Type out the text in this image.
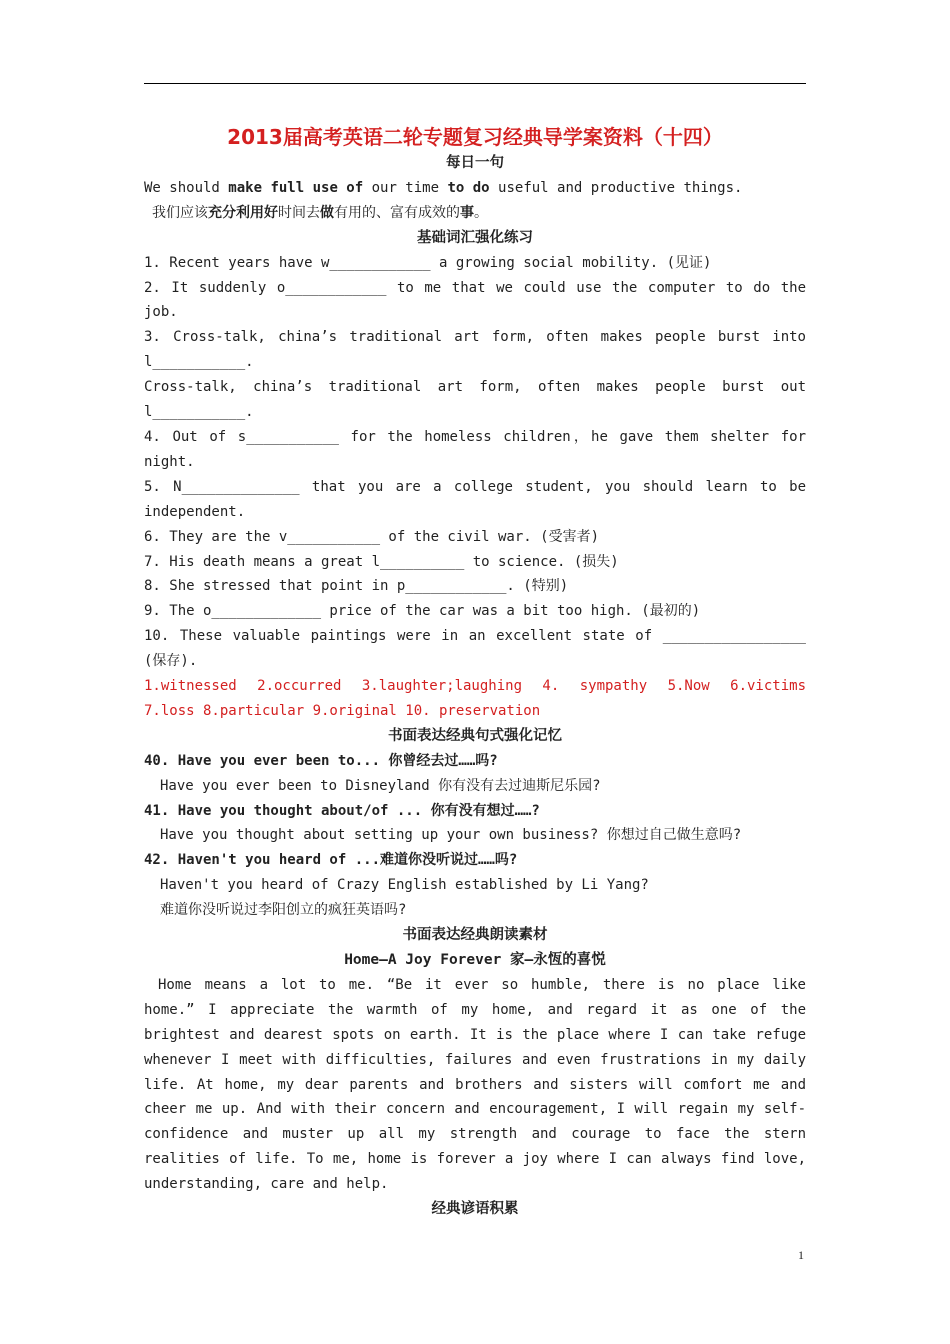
2013届高考英语二轮专题复习经典导学案资料（十四）
每日一句
We should make full use of our time to do useful and productive things.
我们应该充分利用好时间去做有用的、富有成效的事。
基础词汇强化练习
1. Recent years have w____________ a growing social mobility. (见证)
2. It suddenly o____________ to me that we could use the computer to do the
job.
3. Cross-talk, china’s traditional art form, often makes people burst into
l___________.
Cross-talk, china’s traditional art form, often makes people burst out
l___________.
4. Out of s___________ for the homeless children，he gave them shelter for
night.
5. N______________ that you are a college student, you should learn to be
independent.
6. They are the v___________ of the civil war. (受害者)
7. His death means a great l__________ to science. (损失)
8. She stressed that point in p____________. (特别)
9. The o_____________ price of the car was a bit too high. (最初的)
10. These valuable paintings were in an excellent state of _________________
(保存).
1.witnessed 2.occurred 3.laughter;laughing 4. sympathy 5.Now 6.victims
7.loss 8.particular 9.original 10. preservation
书面表达经典句式强化记忆
40. Have you ever been to... 你曾经去过……吗?
Have you ever been to Disneyland 你有没有去过迪斯尼乐园?
41. Have you thought about/of ... 你有没有想过……?
Have you thought about setting up your own business? 你想过自己做生意吗?
42. Haven't you heard of ...难道你没听说过……吗?
Haven't you heard of Crazy English established by Li Yang?
难道你没听说过李阳创立的疯狂英语吗?
书面表达经典朗读素材
Home—A Joy Forever 家—永恆的喜悦
Home means a lot to me. “Be it ever so humble, there is no place like
home.” I appreciate the warmth of my home, and regard it as one of the
brightest and dearest spots on earth. It is the place where I can take refuge
whenever I meet with difficulties, failures and even frustrations in my daily
life. At home, my dear parents and brothers and sisters will comfort me and
cheer me up. And with their concern and encouragement, I will regain my self-
confidence and muster up all my strength and courage to face the stern
realities of life. To me, home is forever a joy where I can always find love,
understanding, care and help.
经典谚语积累
1
